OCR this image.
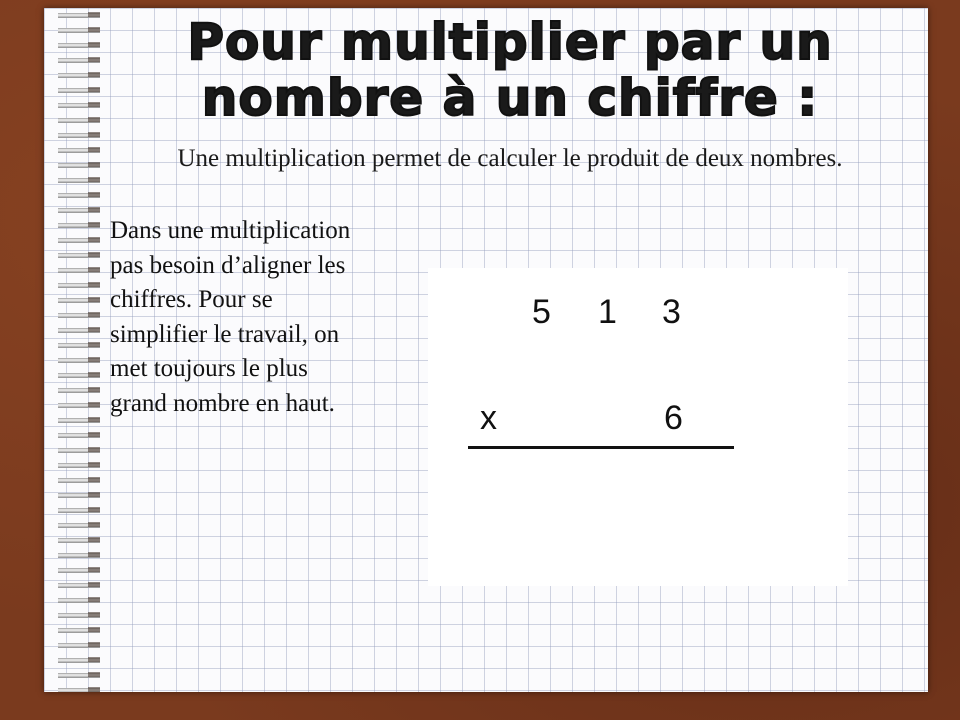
Pour multiplier par un
nombre à un chiffre :
Une multiplication permet de calculer le produit de deux nombres.
Dans une multiplication pas besoin d’aligner les chiffres. Pour se simplifier le travail, on met toujours le plus grand nombre en haut.
5 1 3
x	6
